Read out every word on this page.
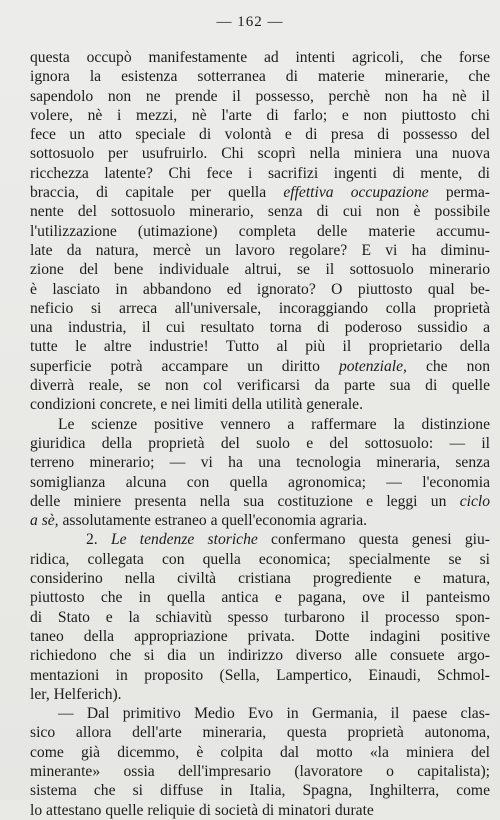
— 162 —
questa occupò manifestamente ad intenti agricoli, che forse
ignora la esistenza sotterranea di materie minerarie, che
sapendolo non ne prende il possesso, perchè non ha nè il
volere, nè i mezzi, nè l'arte di farlo; e non piuttosto chi
fece un atto speciale di volontà e di presa di possesso del
sottosuolo per usufruirlo. Chi scoprì nella miniera una nuova
ricchezza latente? Chi fece i sacrifizi ingenti di mente, di
braccia, di capitale per quella effettiva occupazione perma-
nente del sottosuolo minerario, senza di cui non è possibile
l'utilizzazione (utimazione) completa delle materie accumu-
late da natura, mercè un lavoro regolare? E vi ha diminu-
zione del bene individuale altrui, se il sottosuolo minerario
è lasciato in abbandono ed ignorato? O piuttosto qual be-
neficio si arreca all'universale, incoraggiando colla proprietà
una industria, il cui resultato torna di poderoso sussidio a
tutte le altre industrie! Tutto al più il proprietario della
superficie potrà accampare un diritto potenziale, che non
diverrà reale, se non col verificarsi da parte sua di quelle
condizioni concrete, e nei limiti della utilità generale.
Le scienze positive vennero a raffermare la distinzione
giuridica della proprietà del suolo e del sottosuolo: — il
terreno minerario; — vi ha una tecnologia mineraria, senza
somiglianza alcuna con quella agronomica; — l'economia
delle miniere presenta nella sua costituzione e leggi un ciclo
a sè, assolutamente estraneo a quell'economia agraria.
2. Le tendenze storiche confermano questa genesi giu-
ridica, collegata con quella economica; specialmente se si
considerino nella civiltà cristiana progrediente e matura,
piuttosto che in quella antica e pagana, ove il panteismo
di Stato e la schiavitù spesso turbarono il processo spon-
taneo della appropriazione privata. Dotte indagini positive
richiedono che si dia un indirizzo diverso alle consuete argo-
mentazioni in proposito (Sella, Lampertico, Einaudi, Schmol-
ler, Helferich).
— Dal primitivo Medio Evo in Germania, il paese clas-
sico allora dell'arte mineraria, questa proprietà autonoma,
come già dicemmo, è colpita dal motto «la miniera del
minerante» ossia dell'impresario (lavoratore o capitalista);
sistema che si diffuse in Italia, Spagna, Inghilterra, come
lo attestano quelle reliquie di società di minatori durate
